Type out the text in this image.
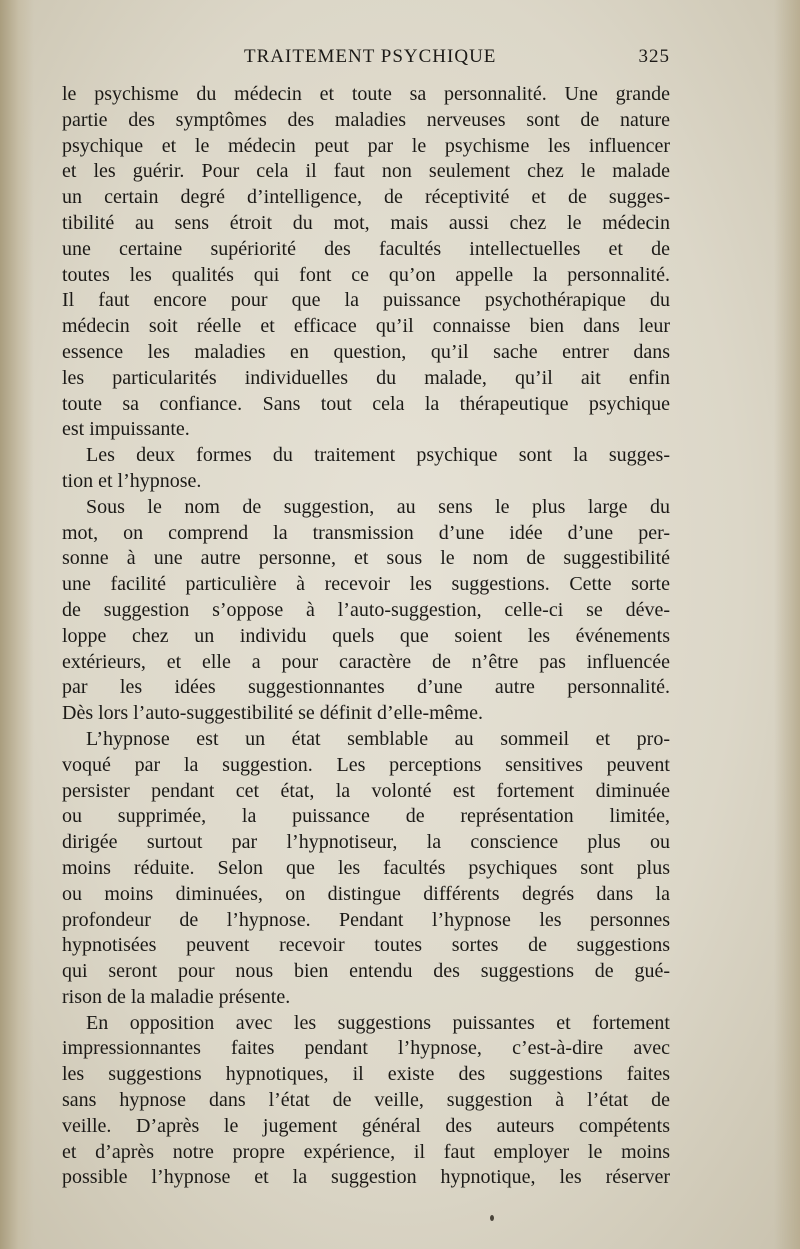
TRAITEMENT PSYCHIQUE	325
le psychisme du médecin et toute sa personnalité. Une grande
partie des symptômes des maladies nerveuses sont de nature
psychique et le médecin peut par le psychisme les influencer
et les guérir. Pour cela il faut non seulement chez le malade
un certain degré d’intelligence, de réceptivité et de sugges-
tibilité au sens étroit du mot, mais aussi chez le médecin
une certaine supériorité des facultés intellectuelles et de
toutes les qualités qui font ce qu’on appelle la personnalité.
Il faut encore pour que la puissance psychothérapique du
médecin soit réelle et efficace qu’il connaisse bien dans leur
essence les maladies en question, qu’il sache entrer dans
les particularités individuelles du malade, qu’il ait enfin
toute sa confiance. Sans tout cela la thérapeutique psychique
est impuissante.
Les deux formes du traitement psychique sont la sugges-
tion et l’hypnose.
Sous le nom de suggestion, au sens le plus large du
mot, on comprend la transmission d’une idée d’une per-
sonne à une autre personne, et sous le nom de suggestibilité
une facilité particulière à recevoir les suggestions. Cette sorte
de suggestion s’oppose à l’auto-suggestion, celle-ci se déve-
loppe chez un individu quels que soient les événements
extérieurs, et elle a pour caractère de n’être pas influencée
par les idées suggestionnantes d’une autre personnalité.
Dès lors l’auto-suggestibilité se définit d’elle-même.
L’hypnose est un état semblable au sommeil et pro-
voqué par la suggestion. Les perceptions sensitives peuvent
persister pendant cet état, la volonté est fortement diminuée
ou supprimée, la puissance de représentation limitée,
dirigée surtout par l’hypnotiseur, la conscience plus ou
moins réduite. Selon que les facultés psychiques sont plus
ou moins diminuées, on distingue différents degrés dans la
profondeur de l’hypnose. Pendant l’hypnose les personnes
hypnotisées peuvent recevoir toutes sortes de suggestions
qui seront pour nous bien entendu des suggestions de gué-
rison de la maladie présente.
En opposition avec les suggestions puissantes et fortement
impressionnantes faites pendant l’hypnose, c’est-à-dire avec
les suggestions hypnotiques, il existe des suggestions faites
sans hypnose dans l’état de veille, suggestion à l’état de
veille. D’après le jugement général des auteurs compétents
et d’après notre propre expérience, il faut employer le moins
possible l’hypnose et la suggestion hypnotique, les réserver
